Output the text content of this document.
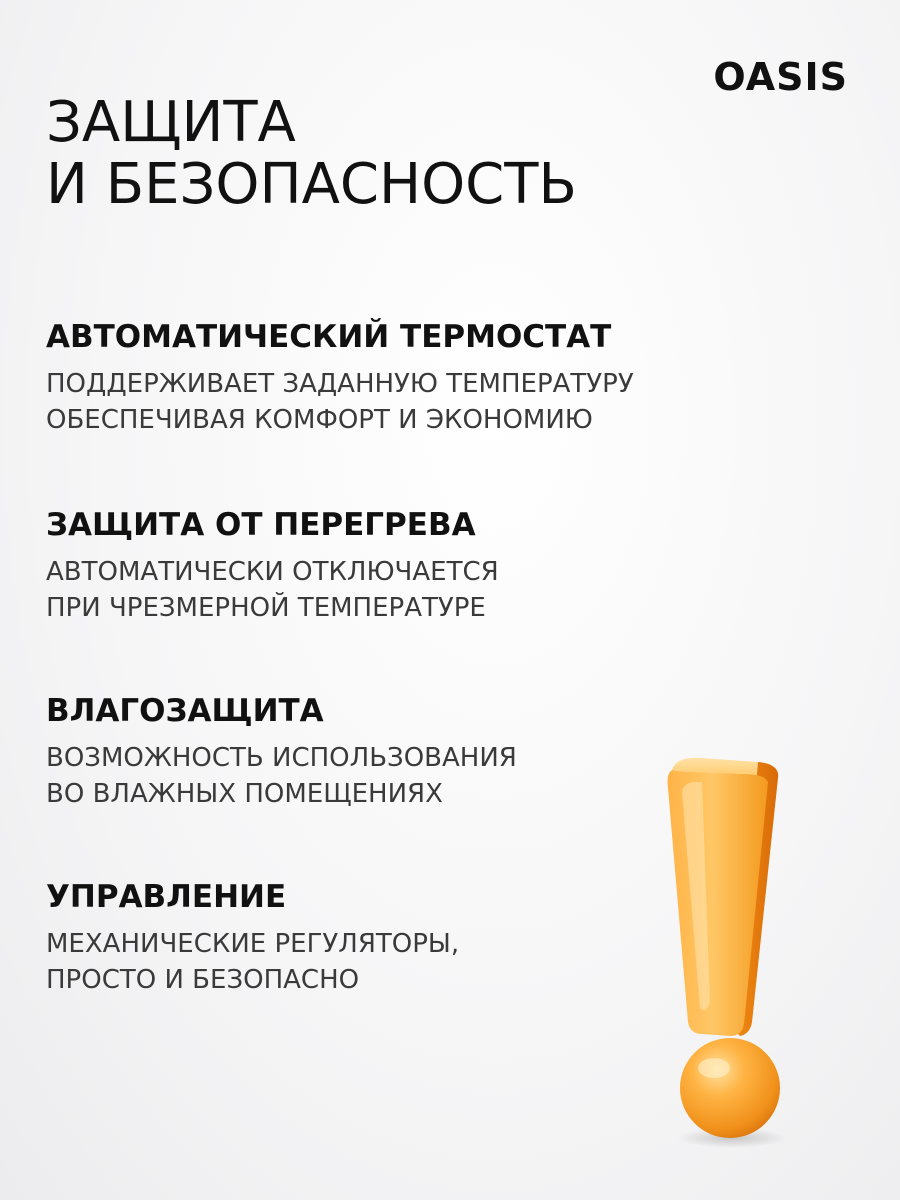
OASIS
ЗАЩИТА
И БЕЗОПАСНОСТЬ
АВТОМАТИЧЕСКИЙ ТЕРМОСТАТ
ПОДДЕРЖИВАЕТ ЗАДАННУЮ ТЕМПЕРАТУРУ
ОБЕСПЕЧИВАЯ КОМФОРТ И ЭКОНОМИЮ
ЗАЩИТА ОТ ПЕРЕГРЕВА
АВТОМАТИЧЕСКИ ОТКЛЮЧАЕТСЯ
ПРИ ЧРЕЗМЕРНОЙ ТЕМПЕРАТУРЕ
ВЛАГОЗАЩИТА
ВОЗМОЖНОСТЬ ИСПОЛЬЗОВАНИЯ
ВО ВЛАЖНЫХ ПОМЕЩЕНИЯХ
УПРАВЛЕНИЕ
МЕХАНИЧЕСКИЕ РЕГУЛЯТОРЫ,
ПРОСТО И БЕЗОПАСНО
